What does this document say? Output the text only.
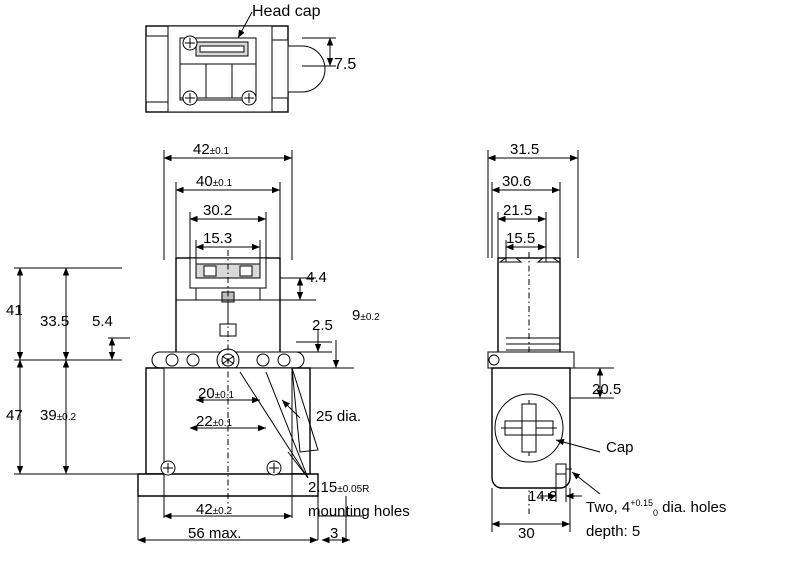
Head cap
7.5
42±0.1
40±0.1
30.2
15.3
41
33.5 5.4
47 39±0.2
4.4
2.5
9±0.2
20±0.1
22±0.1	25 dia.
2.15±0.05R
mounting holes
42±0.2
56 max.	3
31.5
30.6
21.5
15.5
20.5
14.2
30
Cap
Two, $4^{+0.15}_0$ dia. holes
depth: 5
